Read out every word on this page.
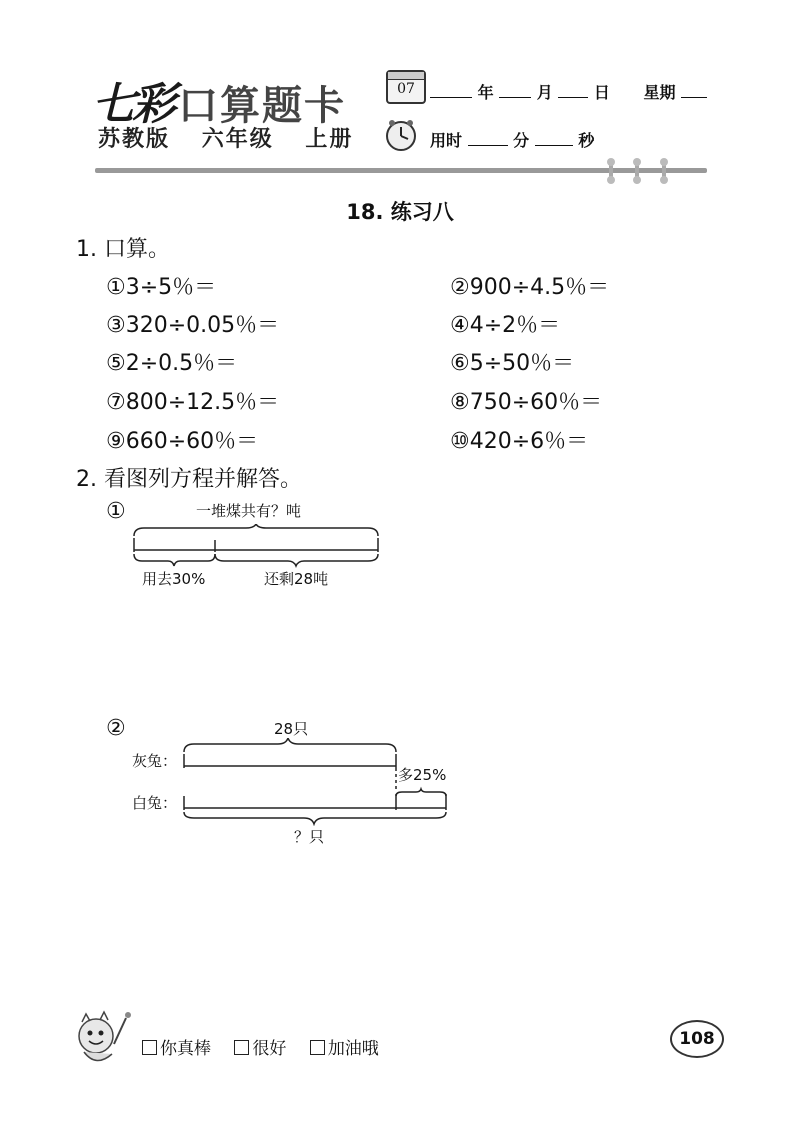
七彩 口算题卡
苏教版 六年级 上册
07	年	月	日 星期
用时	分	秒
18. 练习八
1. 口算。
①3÷5％＝	②900÷4.5％＝
③320÷0.05％＝	④4÷2％＝
⑤2÷0.5％＝	⑥5÷50％＝
⑦800÷12.5％＝	⑧750÷60％＝
⑨660÷60％＝	⑩420÷6％＝
2. 看图列方程并解答。
①	一堆煤共有？吨
用去30%	还剩28吨
②	28只
灰兔：
白兔：
多25%
？只
你真棒 很好 加油哦	108
